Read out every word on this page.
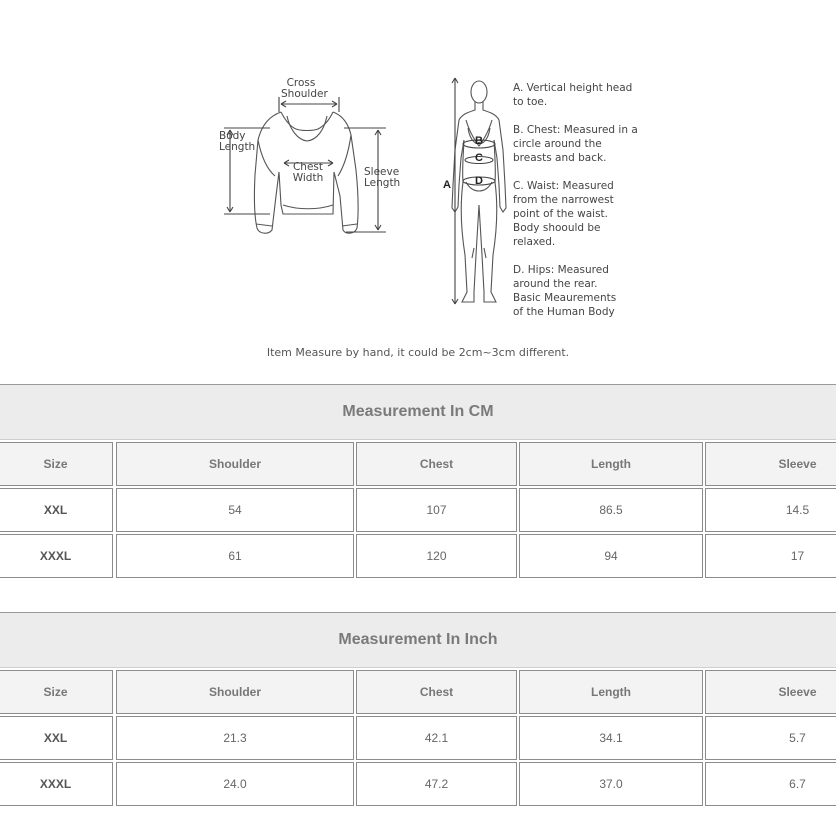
Cross
Shoulder
Body
Length
Chest
Width	Sleeve
Length	A
B
C
D
A. Vertical height head
to toe.
B. Chest: Measured in a
circle around the
breasts and back.
C. Waist: Measured
from the narrowest
point of the waist.
Body shoould be
relaxed.
D. Hips: Measured
around the rear.
Basic Meaurements
of the Human Body
Item Measure by hand, it could be 2cm~3cm different.
Measurement In CM
Size	Shoulder	Chest	Length	Sleeve
XXL	54	107	86.5	14.5
XXXL	61	120	94	17
Measurement In Inch
Size	Shoulder	Chest	Length	Sleeve
XXL	21.3	42.1	34.1	5.7
XXXL	24.0	47.2	37.0	6.7
